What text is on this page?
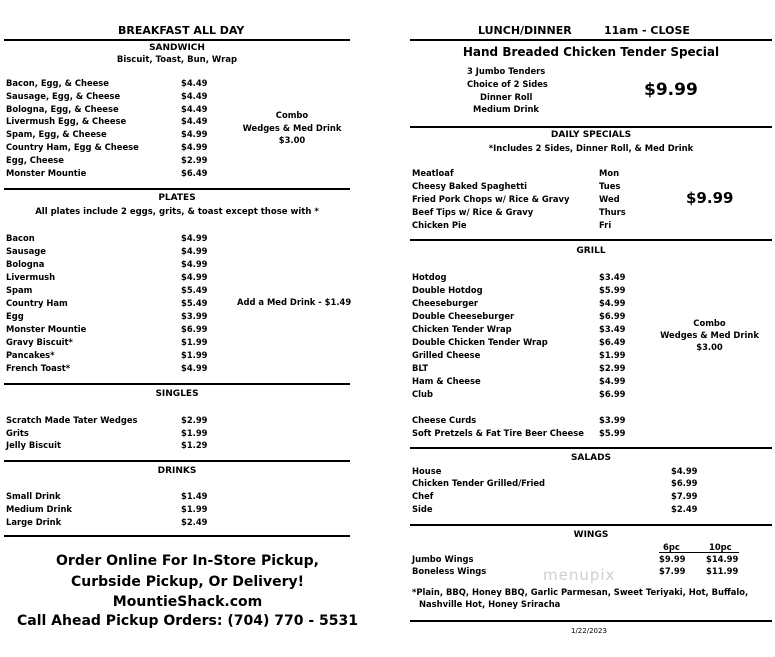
BREAKFAST ALL DAY
SANDWICH
Biscuit, Toast, Bun, Wrap
Bacon, Egg, & Cheese	$4.49
Sausage, Egg, & Cheese	$4.49
Bologna, Egg, & Cheese	$4.49
Livermush Egg, & Cheese	$4.49
Spam, Egg, & Cheese	$4.99
Country Ham, Egg & Cheese	$4.99
Egg, Cheese	$2.99
Monster Mountie	$6.49
Combo
Wedges & Med Drink
$3.00
PLATES
All plates include 2 eggs, grits, & toast except those with *
Bacon	$4.99
Sausage	$4.99
Bologna	$4.99
Livermush	$4.99
Spam	$5.49
Country Ham	$5.49
Egg	$3.99
Monster Mountie	$6.99
Gravy Biscuit*	$1.99
Pancakes*	$1.99
French Toast*	$4.99
Add a Med Drink - $1.49
SINGLES
Scratch Made Tater Wedges	$2.99
Grits	$1.99
Jelly Biscuit	$1.29
DRINKS
Small Drink	$1.49
Medium Drink	$1.99
Large Drink	$2.49
Order Online For In-Store Pickup,
Curbside Pickup, Or Delivery!
MountieShack.com
Call Ahead Pickup Orders: (704) 770 - 5531
LUNCH/DINNER	11am - CLOSE
Hand Breaded Chicken Tender Special
3 Jumbo Tenders
Choice of 2 Sides
Dinner Roll
Medium Drink
$9.99
DAILY SPECIALS
*Includes 2 Sides, Dinner Roll, & Med Drink
Meatloaf	Mon
Cheesy Baked Spaghetti	Tues
Fried Pork Chops w/ Rice & Gravy	Wed
Beef Tips w/ Rice & Gravy	Thurs
Chicken Pie	Fri
$9.99
GRILL
Hotdog	$3.49
Double Hotdog	$5.99
Cheeseburger	$4.99
Double Cheeseburger	$6.99
Chicken Tender Wrap	$3.49
Double Chicken Tender Wrap	$6.49
Grilled Cheese	$1.99
BLT	$2.99
Ham & Cheese	$4.99
Club	$6.99
Cheese Curds	$3.99
Soft Pretzels & Fat Tire Beer Cheese $5.99
Combo
Wedges & Med Drink
$3.00
SALADS
House	$4.99
Chicken Tender Grilled/Fried	$6.99
Chef	$7.99
Side	$2.49
WINGS
6pc	10pc
Jumbo Wings	$9.99 $14.99
Boneless Wings	$7.99 $11.99
menupix
*Plain, BBQ, Honey BBQ, Garlic Parmesan, Sweet Teriyaki, Hot, Buffalo,
Nashville Hot, Honey Sriracha
1/22/2023
